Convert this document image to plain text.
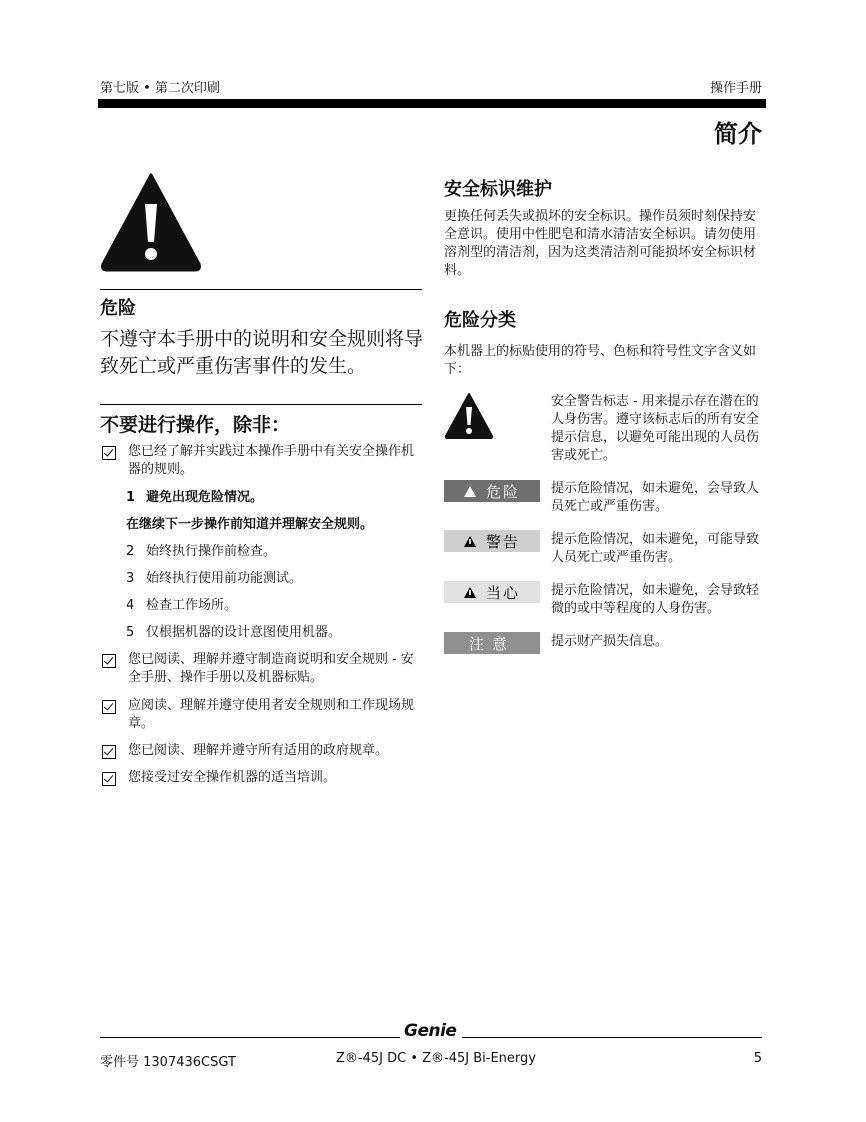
第七版 • 第二次印刷	操作手册
简介
危险
不遵守本手册中的说明和安全规则将导致死亡或严重伤害事件的发生。
不要进行操作，除非：
您已经了解并实践过本操作手册中有关安全操作机器的规则。
1 避免出现危险情况。
在继续下一步操作前知道并理解安全规则。
2 始终执行操作前检查。
3 始终执行使用前功能测试。
4 检查工作场所。
5 仅根据机器的设计意图使用机器。
您已阅读、理解并遵守制造商说明和安全规则 - 安全手册、操作手册以及机器标贴。
应阅读、理解并遵守使用者安全规则和工作现场规章。
您已阅读、理解并遵守所有适用的政府规章。
您接受过安全操作机器的适当培训。
安全标识维护
更换任何丢失或损坏的安全标识。操作员须时刻保持安全意识。使用中性肥皂和清水清洁安全标识。请勿使用溶剂型的清洁剂，因为这类清洁剂可能损坏安全标识材料。
危险分类
本机器上的标贴使用的符号、色标和符号性文字含义如下：
安全警告标志 - 用来提示存在潜在的人身伤害。遵守该标志后的所有安全提示信息，以避免可能出现的人员伤害或死亡。
危险 提示危险情况，如未避免，会导致人员死亡或严重伤害。
警告 提示危险情况，如未避免，可能导致人员死亡或严重伤害。
当心 提示危险情况，如未避免，会导致轻微的或中等程度的人身伤害。
注意	提示财产损失信息。
Genie
零件号 1307436CSGT	Z®-45J DC • Z®-45J Bi-Energy	5
